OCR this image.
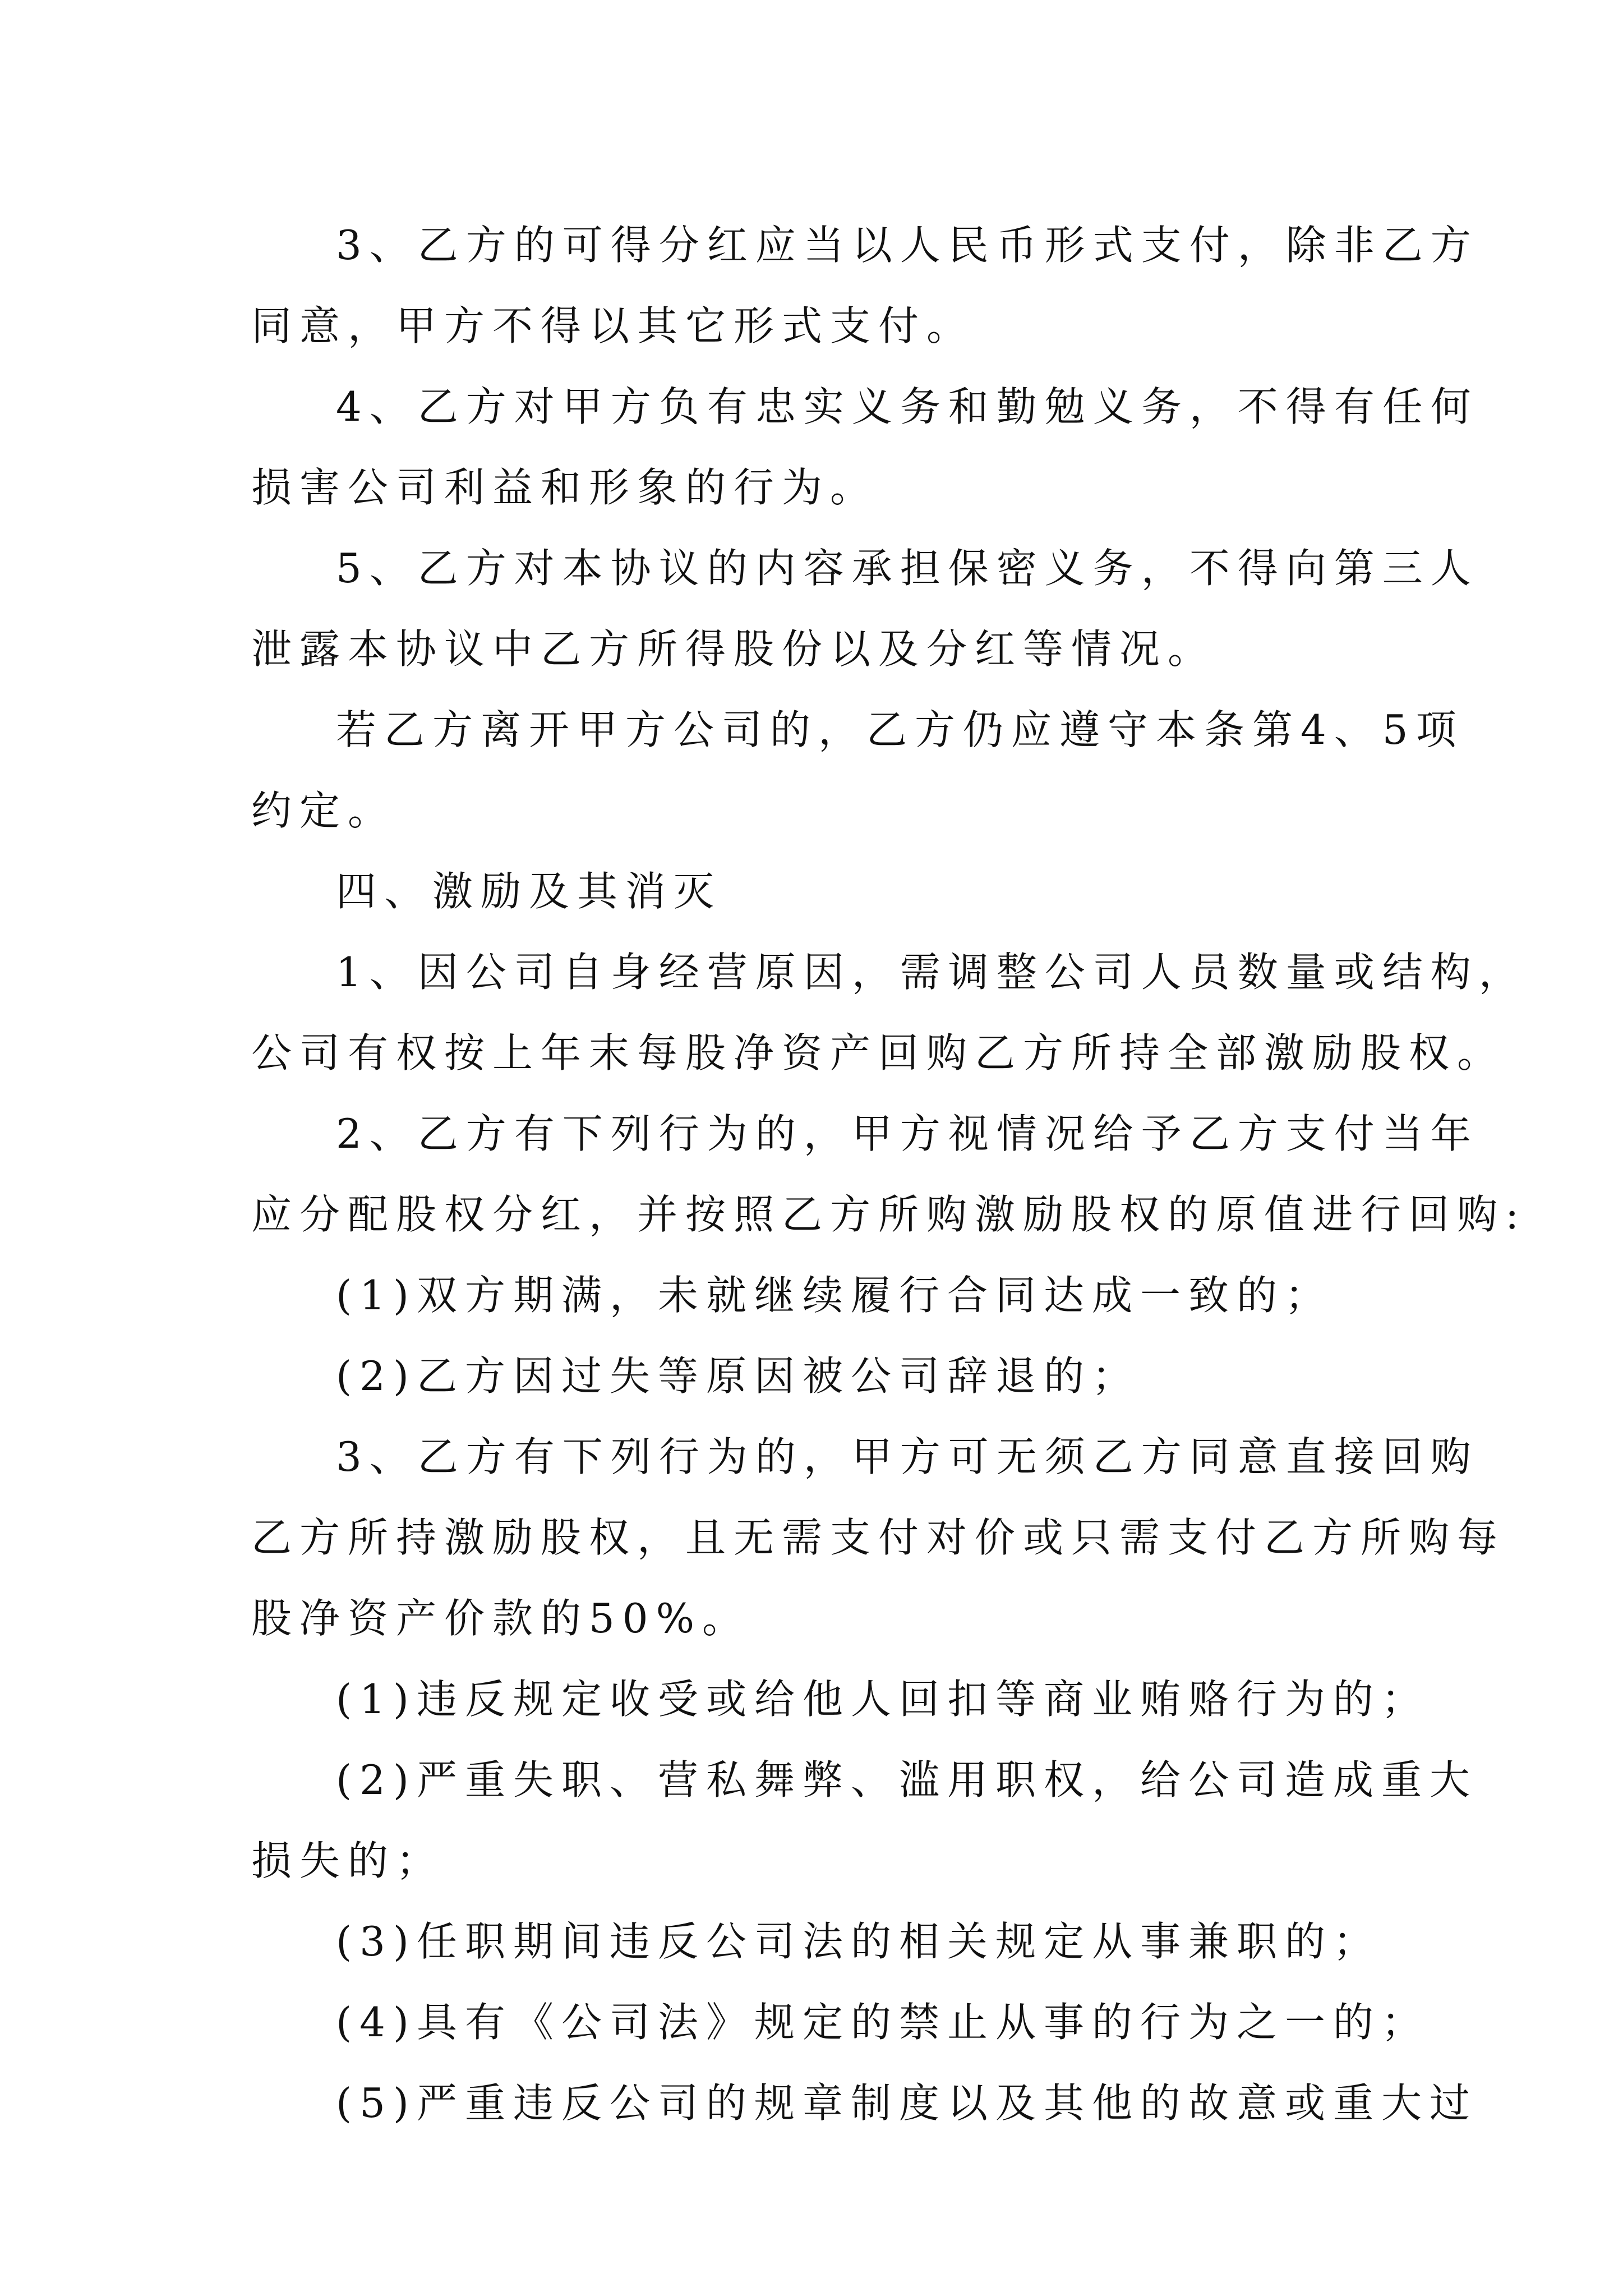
3、乙方的可得分红应当以人民币形式支付，除非乙方
同意，甲方不得以其它形式支付。
4、乙方对甲方负有忠实义务和勤勉义务，不得有任何
损害公司利益和形象的行为。
5、乙方对本协议的内容承担保密义务，不得向第三人
泄露本协议中乙方所得股份以及分红等情况。
若乙方离开甲方公司的，乙方仍应遵守本条第4、5项
约定。
四、激励及其消灭
1、因公司自身经营原因，需调整公司人员数量或结构，
公司有权按上年末每股净资产回购乙方所持全部激励股权。
2、乙方有下列行为的，甲方视情况给予乙方支付当年
应分配股权分红，并按照乙方所购激励股权的原值进行回购:
(1)双方期满，未就继续履行合同达成一致的；
(2)乙方因过失等原因被公司辞退的；
3、乙方有下列行为的，甲方可无须乙方同意直接回购
乙方所持激励股权，且无需支付对价或只需支付乙方所购每
股净资产价款的50%。
(1)违反规定收受或给他人回扣等商业贿赂行为的；
(2)严重失职、营私舞弊、滥用职权，给公司造成重大
损失的；
(3)任职期间违反公司法的相关规定从事兼职的；
(4)具有《公司法》规定的禁止从事的行为之一的；
(5)严重违反公司的规章制度以及其他的故意或重大过
